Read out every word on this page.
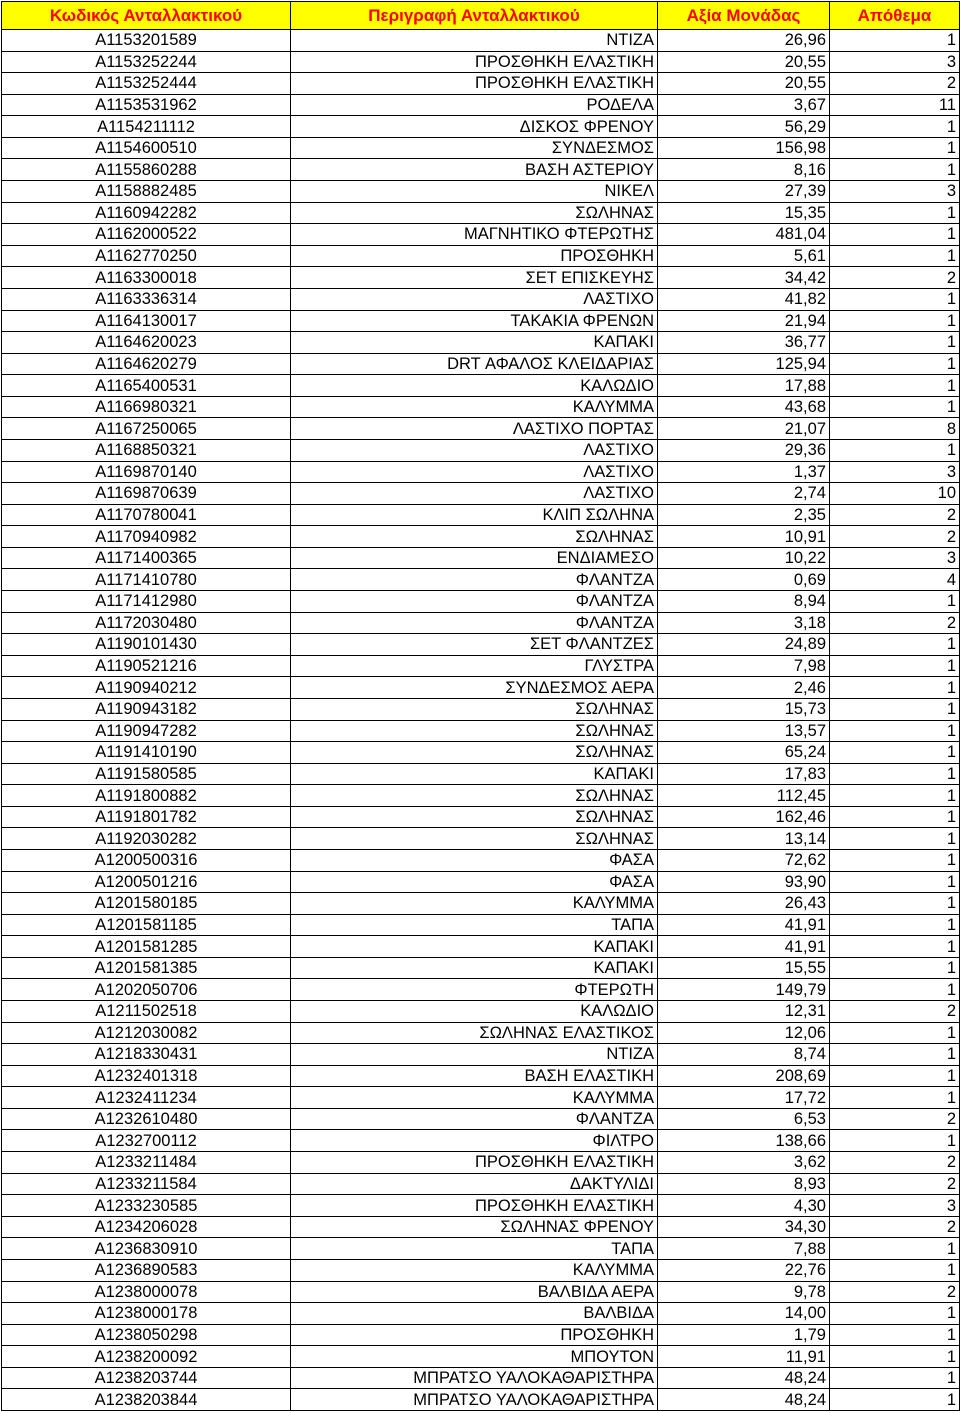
Κωδικός Ανταλλακτικού	Περιγραφή Ανταλλακτικού	Αξία Μονάδας	Απόθεμα
A1153201589	ΝΤΙΖΑ	26,96	1
A1153252244	ΠΡΟΣΘΗΚΗ ΕΛΑΣΤΙΚΗ	20,55	3
A1153252444	ΠΡΟΣΘΗΚΗ ΕΛΑΣΤΙΚΗ	20,55	2
A1153531962	ΡΟΔΕΛΑ	3,67	11
A1154211112	ΔΙΣΚΟΣ ΦΡΕΝΟΥ	56,29	1
A1154600510	ΣΥΝΔΕΣΜΟΣ	156,98	1
A1155860288	ΒΑΣΗ ΑΣΤΕΡΙΟΥ	8,16	1
A1158882485	ΝΙΚΕΛ	27,39	3
A1160942282	ΣΩΛΗΝΑΣ	15,35	1
A1162000522	ΜΑΓΝΗΤΙΚΟ ΦΤΕΡΩΤΗΣ	481,04	1
A1162770250	ΠΡΟΣΘΗΚΗ	5,61	1
A1163300018	ΣΕΤ ΕΠΙΣΚΕΥΗΣ	34,42	2
A1163336314	ΛΑΣΤΙΧΟ	41,82	1
A1164130017	ΤΑΚΑΚΙΑ ΦΡΕΝΩΝ	21,94	1
A1164620023	ΚΑΠΑΚΙ	36,77	1
A1164620279	DRT ΑΦΑΛΟΣ ΚΛΕΙΔΑΡΙΑΣ	125,94	1
A1165400531	ΚΑΛΩΔΙΟ	17,88	1
A1166980321	ΚΑΛΥΜΜΑ	43,68	1
A1167250065	ΛΑΣΤΙΧΟ ΠΟΡΤΑΣ	21,07	8
A1168850321	ΛΑΣΤΙΧΟ	29,36	1
A1169870140	ΛΑΣΤΙΧΟ	1,37	3
A1169870639	ΛΑΣΤΙΧΟ	2,74	10
A1170780041	ΚΛΙΠ ΣΩΛΗΝΑ	2,35	2
A1170940982	ΣΩΛΗΝΑΣ	10,91	2
A1171400365	ΕΝΔΙΑΜΕΣΟ	10,22	3
A1171410780	ΦΛΑΝΤΖΑ	0,69	4
A1171412980	ΦΛΑΝΤΖΑ	8,94	1
A1172030480	ΦΛΑΝΤΖΑ	3,18	2
A1190101430	ΣΕΤ ΦΛΑΝΤΖΕΣ	24,89	1
A1190521216	ΓΛΥΣΤΡΑ	7,98	1
A1190940212	ΣΥΝΔΕΣΜΟΣ ΑΕΡΑ	2,46	1
A1190943182	ΣΩΛΗΝΑΣ	15,73	1
A1190947282	ΣΩΛΗΝΑΣ	13,57	1
A1191410190	ΣΩΛΗΝΑΣ	65,24	1
A1191580585	ΚΑΠΑΚΙ	17,83	1
A1191800882	ΣΩΛΗΝΑΣ	112,45	1
A1191801782	ΣΩΛΗΝΑΣ	162,46	1
A1192030282	ΣΩΛΗΝΑΣ	13,14	1
A1200500316	ΦΑΣΑ	72,62	1
A1200501216	ΦΑΣΑ	93,90	1
A1201580185	ΚΑΛΥΜΜΑ	26,43	1
A1201581185	ΤΑΠΑ	41,91	1
A1201581285	ΚΑΠΑΚΙ	41,91	1
A1201581385	ΚΑΠΑΚΙ	15,55	1
A1202050706	ΦΤΕΡΩΤΗ	149,79	1
A1211502518	ΚΑΛΩΔΙΟ	12,31	2
A1212030082	ΣΩΛΗΝΑΣ ΕΛΑΣΤΙΚΟΣ	12,06	1
A1218330431	ΝΤΙΖΑ	8,74	1
A1232401318	ΒΑΣΗ ΕΛΑΣΤΙΚΗ	208,69	1
A1232411234	ΚΑΛΥΜΜΑ	17,72	1
A1232610480	ΦΛΑΝΤΖΑ	6,53	2
A1232700112	ΦΙΛΤΡΟ	138,66	1
A1233211484	ΠΡΟΣΘΗΚΗ ΕΛΑΣΤΙΚΗ	3,62	2
A1233211584	ΔΑΚΤΥΛΙΔΙ	8,93	2
A1233230585	ΠΡΟΣΘΗΚΗ ΕΛΑΣΤΙΚΗ	4,30	3
A1234206028	ΣΩΛΗΝΑΣ ΦΡΕΝΟΥ	34,30	2
A1236830910	ΤΑΠΑ	7,88	1
A1236890583	ΚΑΛΥΜΜΑ	22,76	1
A1238000078	ΒΑΛΒΙΔΑ ΑΕΡΑ	9,78	2
A1238000178	ΒΑΛΒΙΔΑ	14,00	1
A1238050298	ΠΡΟΣΘΗΚΗ	1,79	1
A1238200092	ΜΠΟΥΤΟΝ	11,91	1
A1238203744	ΜΠΡΑΤΣΟ ΥΑΛΟΚΑΘΑΡΙΣΤΗΡΑ	48,24	1
A1238203844	ΜΠΡΑΤΣΟ ΥΑΛΟΚΑΘΑΡΙΣΤΗΡΑ	48,24	1
